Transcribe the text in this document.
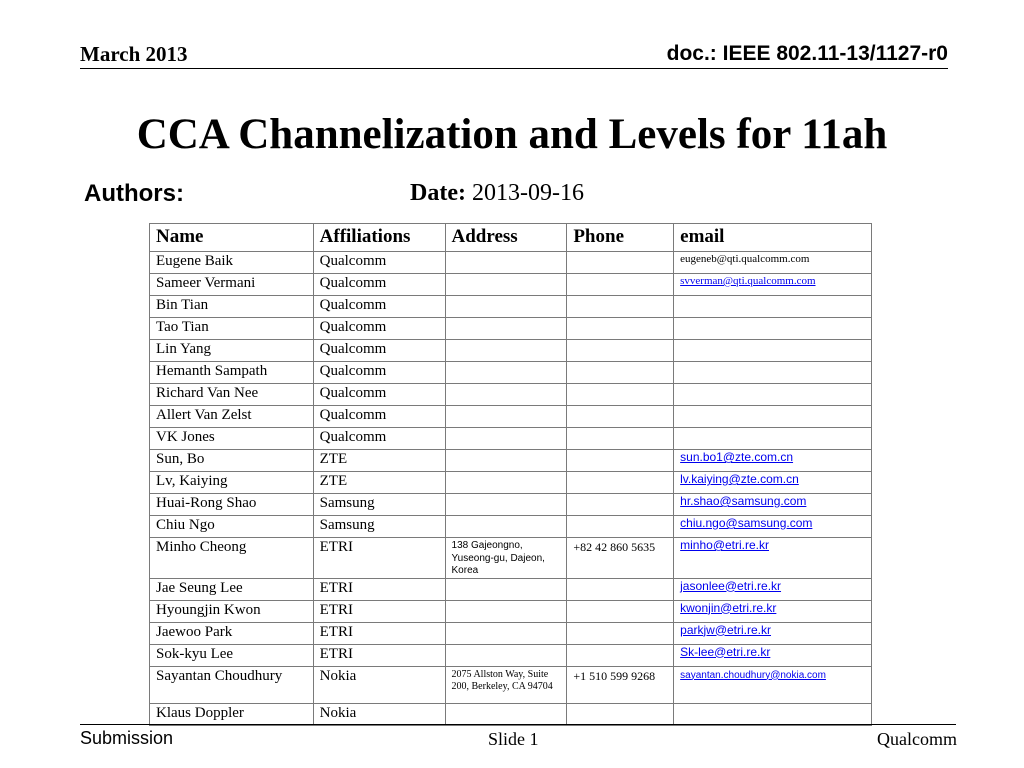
March 2013	doc.: IEEE 802.11-13/1127-r0
CCA Channelization and Levels for 11ah
Authors:	Date: 2013-09-16
Name	Affiliations	Address	Phone	email
Eugene Baik	Qualcomm			eugeneb@qti.qualcomm.com
Sameer Vermani	Qualcomm			svverman@qti.qualcomm.com
Bin Tian	Qualcomm			
Tao Tian	Qualcomm			
Lin Yang	Qualcomm			
Hemanth Sampath	Qualcomm			
Richard Van Nee	Qualcomm			
Allert Van Zelst	Qualcomm			
VK Jones	Qualcomm			
Sun, Bo	ZTE			sun.bo1@zte.com.cn
Lv, Kaiying	ZTE			lv.kaiying@zte.com.cn
Huai-Rong Shao	Samsung			hr.shao@samsung.com
Chiu Ngo	Samsung			chiu.ngo@samsung.com
Minho Cheong	ETRI	138 Gajeongno, Yuseong-gu, Dajeon, Korea	+82 42 860 5635	minho@etri.re.kr
Jae Seung Lee	ETRI			jasonlee@etri.re.kr
Hyoungjin Kwon	ETRI			kwonjin@etri.re.kr
Jaewoo Park	ETRI			parkjw@etri.re.kr
Sok-kyu Lee	ETRI			Sk-lee@etri.re.kr
Sayantan Choudhury	Nokia	2075 Allston Way, Suite 200, Berkeley, CA 94704	+1 510 599 9268	sayantan.choudhury@nokia.com
Klaus Doppler	Nokia			
Submission	Slide 1	Qualcomm
